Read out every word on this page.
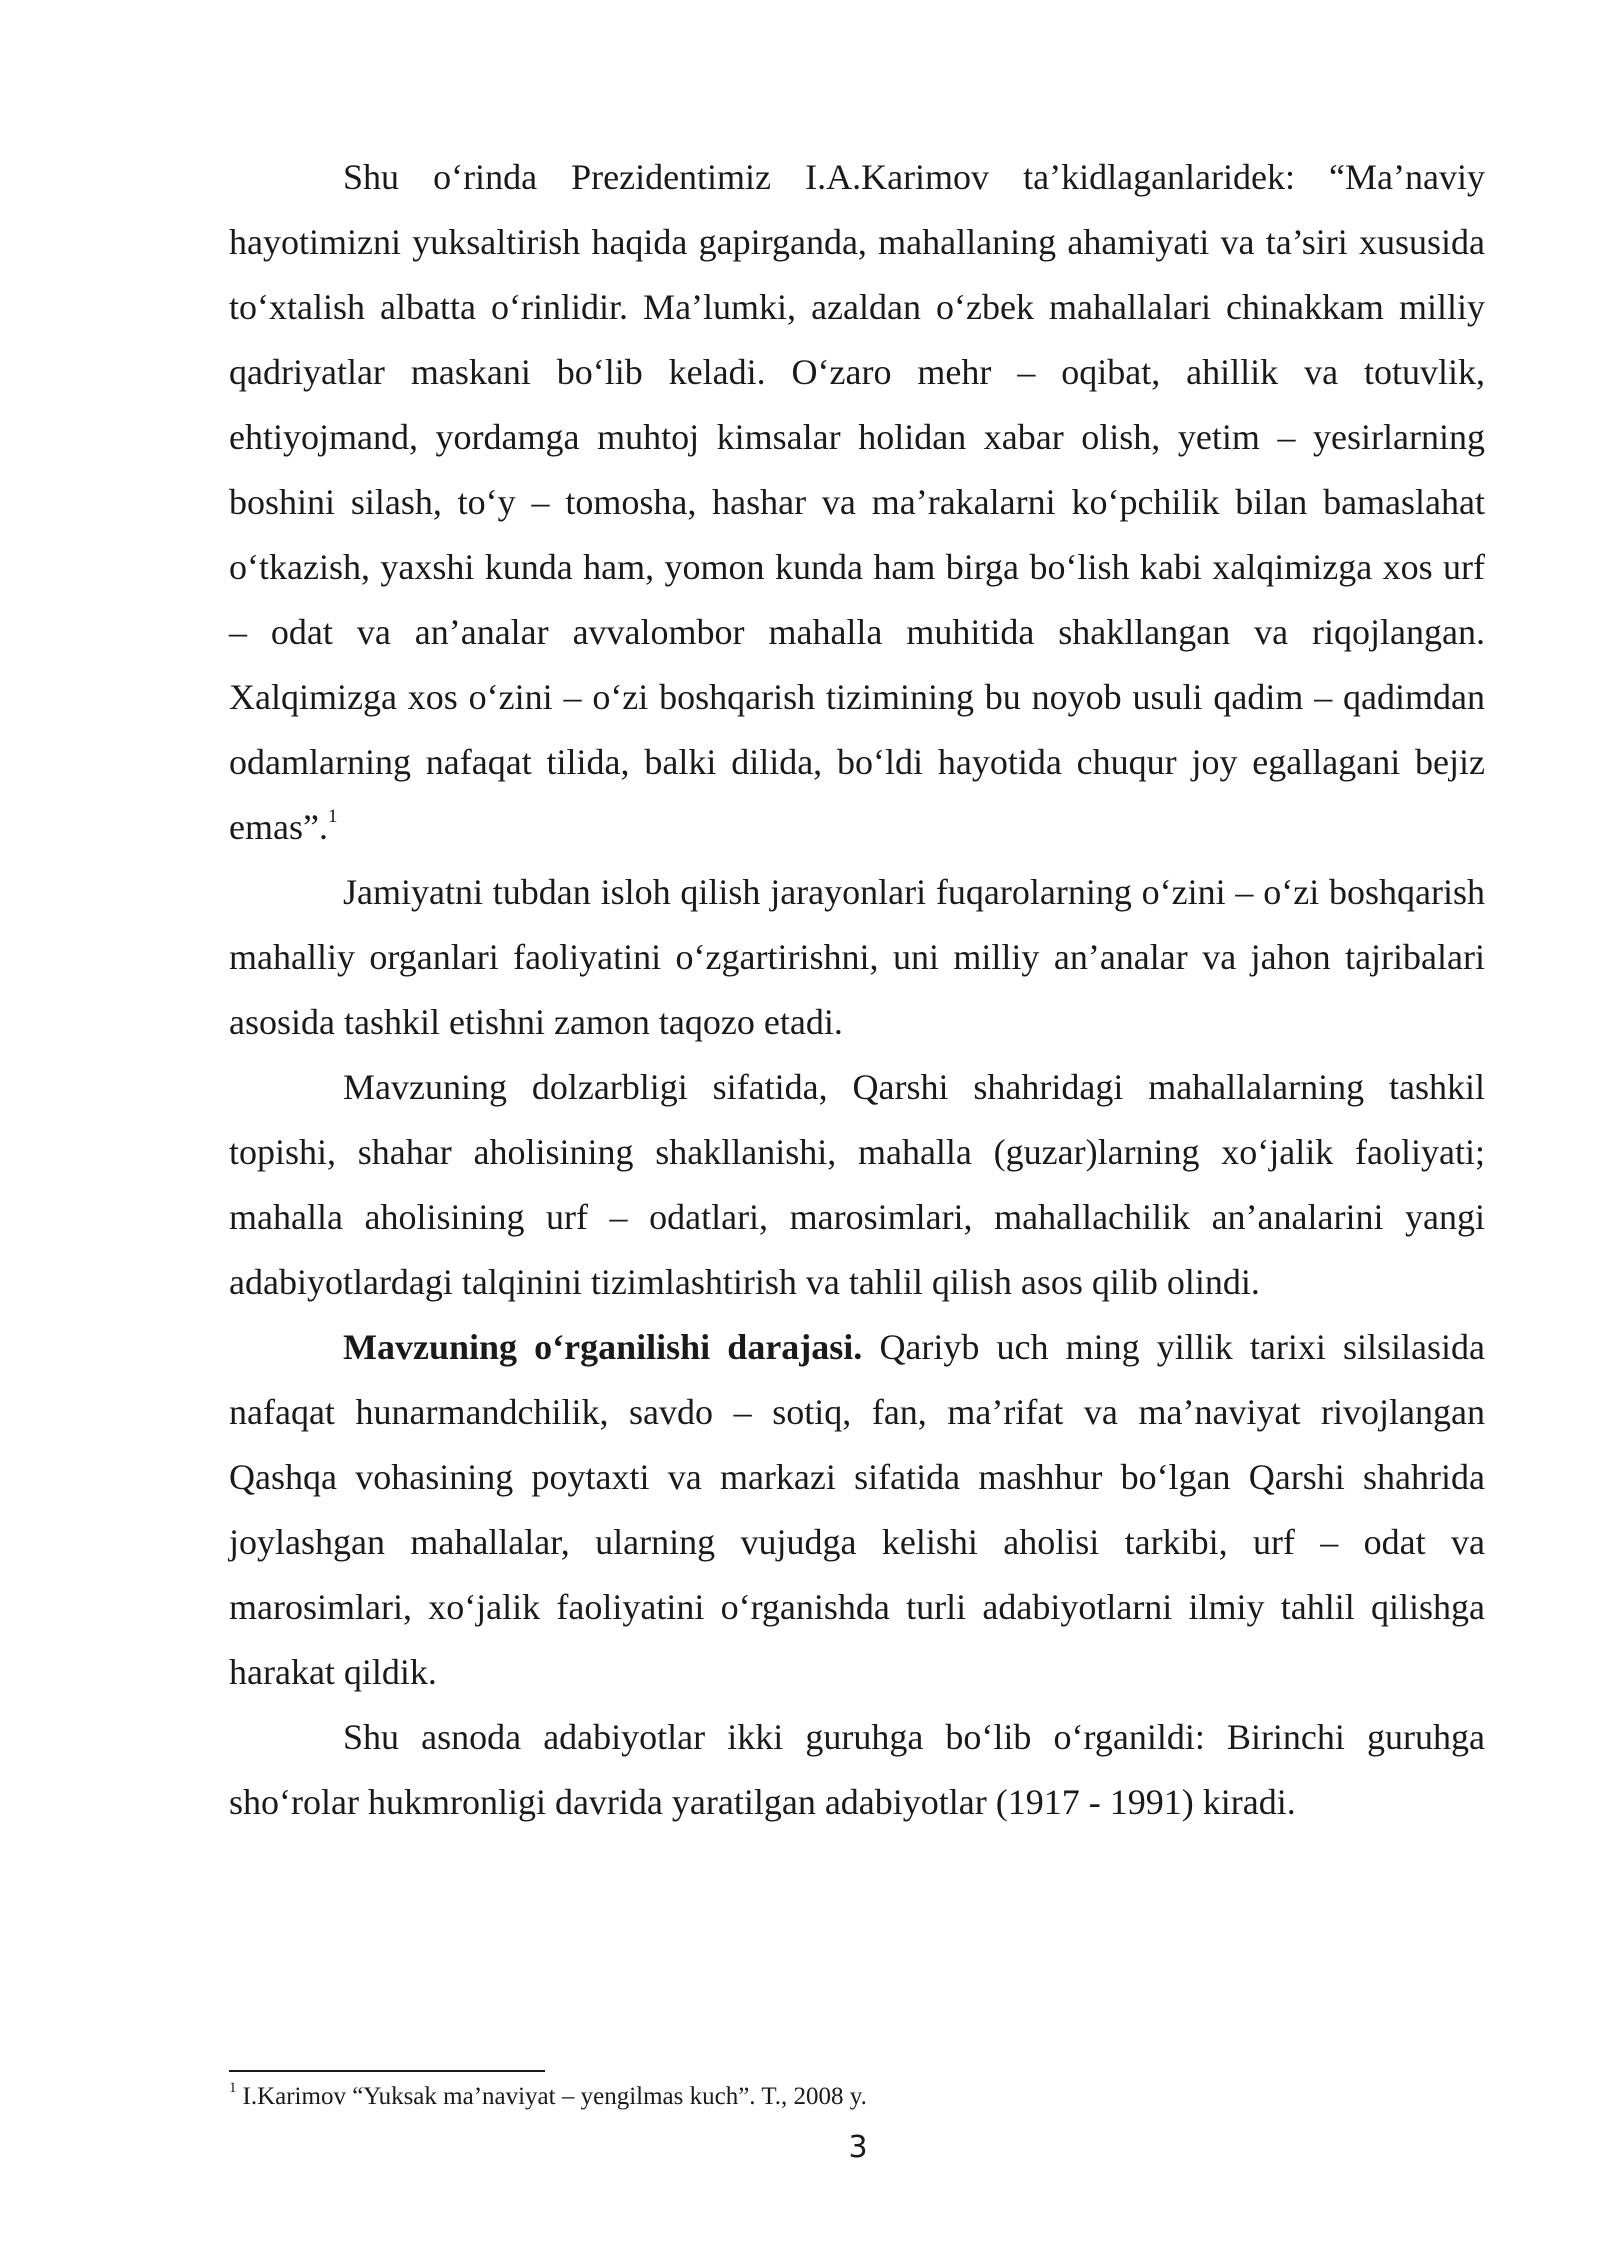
Shu o‘rinda Prezidentimiz I.A.Karimov ta’kidlaganlaridek: “Ma’naviy hayotimizni yuksaltirish haqida gapirganda, mahallaning ahamiyati va ta’siri xususida to‘xtalish albatta o‘rinlidir. Ma’lumki, azaldan o‘zbek mahallalari chinakkam milliy qadriyatlar maskani bo‘lib keladi. O‘zaro mehr – oqibat, ahillik va totuvlik, ehtiyojmand, yordamga muhtoj kimsalar holidan xabar olish, yetim – yesirlarning boshini silash, to‘y – tomosha, hashar va ma’rakalarni ko‘pchilik bilan bamaslahat o‘tkazish, yaxshi kunda ham, yomon kunda ham birga bo‘lish kabi xalqimizga xos urf – odat va an’analar avvalombor mahalla muhitida shakllangan va riqojlangan. Xalqimizga xos o‘zini – o‘zi boshqarish tizimining bu noyob usuli qadim – qadimdan odamlarning nafaqat tilida, balki dilida, bo‘ldi hayotida chuqur joy egallagani bejiz emas”.$^1$

Jamiyatni tubdan isloh qilish jarayonlari fuqarolarning o‘zini – o‘zi boshqarish mahalliy organlari faoliyatini o‘zgartirishni, uni milliy an’analar va jahon tajribalari asosida tashkil etishni zamon taqozo etadi.

Mavzuning dolzarbligi sifatida, Qarshi shahridagi mahallalarning tashkil topishi, shahar aholisining shakllanishi, mahalla (guzar)larning xo‘jalik faoliyati; mahalla aholisining urf – odatlari, marosimlari, mahallachilik an’analarini yangi adabiyotlardagi talqinini tizimlashtirish va tahlil qilish asos qilib olindi.

Mavzuning o‘rganilishi darajasi. Qariyb uch ming yillik tarixi silsilasida nafaqat hunarmandchilik, savdo – sotiq, fan, ma’rifat va ma’naviyat rivojlangan Qashqa vohasining poytaxti va markazi sifatida mashhur bo‘lgan Qarshi shahrida joylashgan mahallalar, ularning vujudga kelishi aholisi tarkibi, urf – odat va marosimlari, xo‘jalik faoliyatini o‘rganishda turli adabiyotlarni ilmiy tahlil qilishga harakat qildik.

Shu asnoda adabiyotlar ikki guruhga bo‘lib o‘rganildi: Birinchi guruhga sho‘rolar hukmronligi davrida yaratilgan adabiyotlar (1917 - 1991) kiradi.

$^1$ I.Karimov “Yuksak ma’naviyat – yengilmas kuch”. T., 2008 y.
3
